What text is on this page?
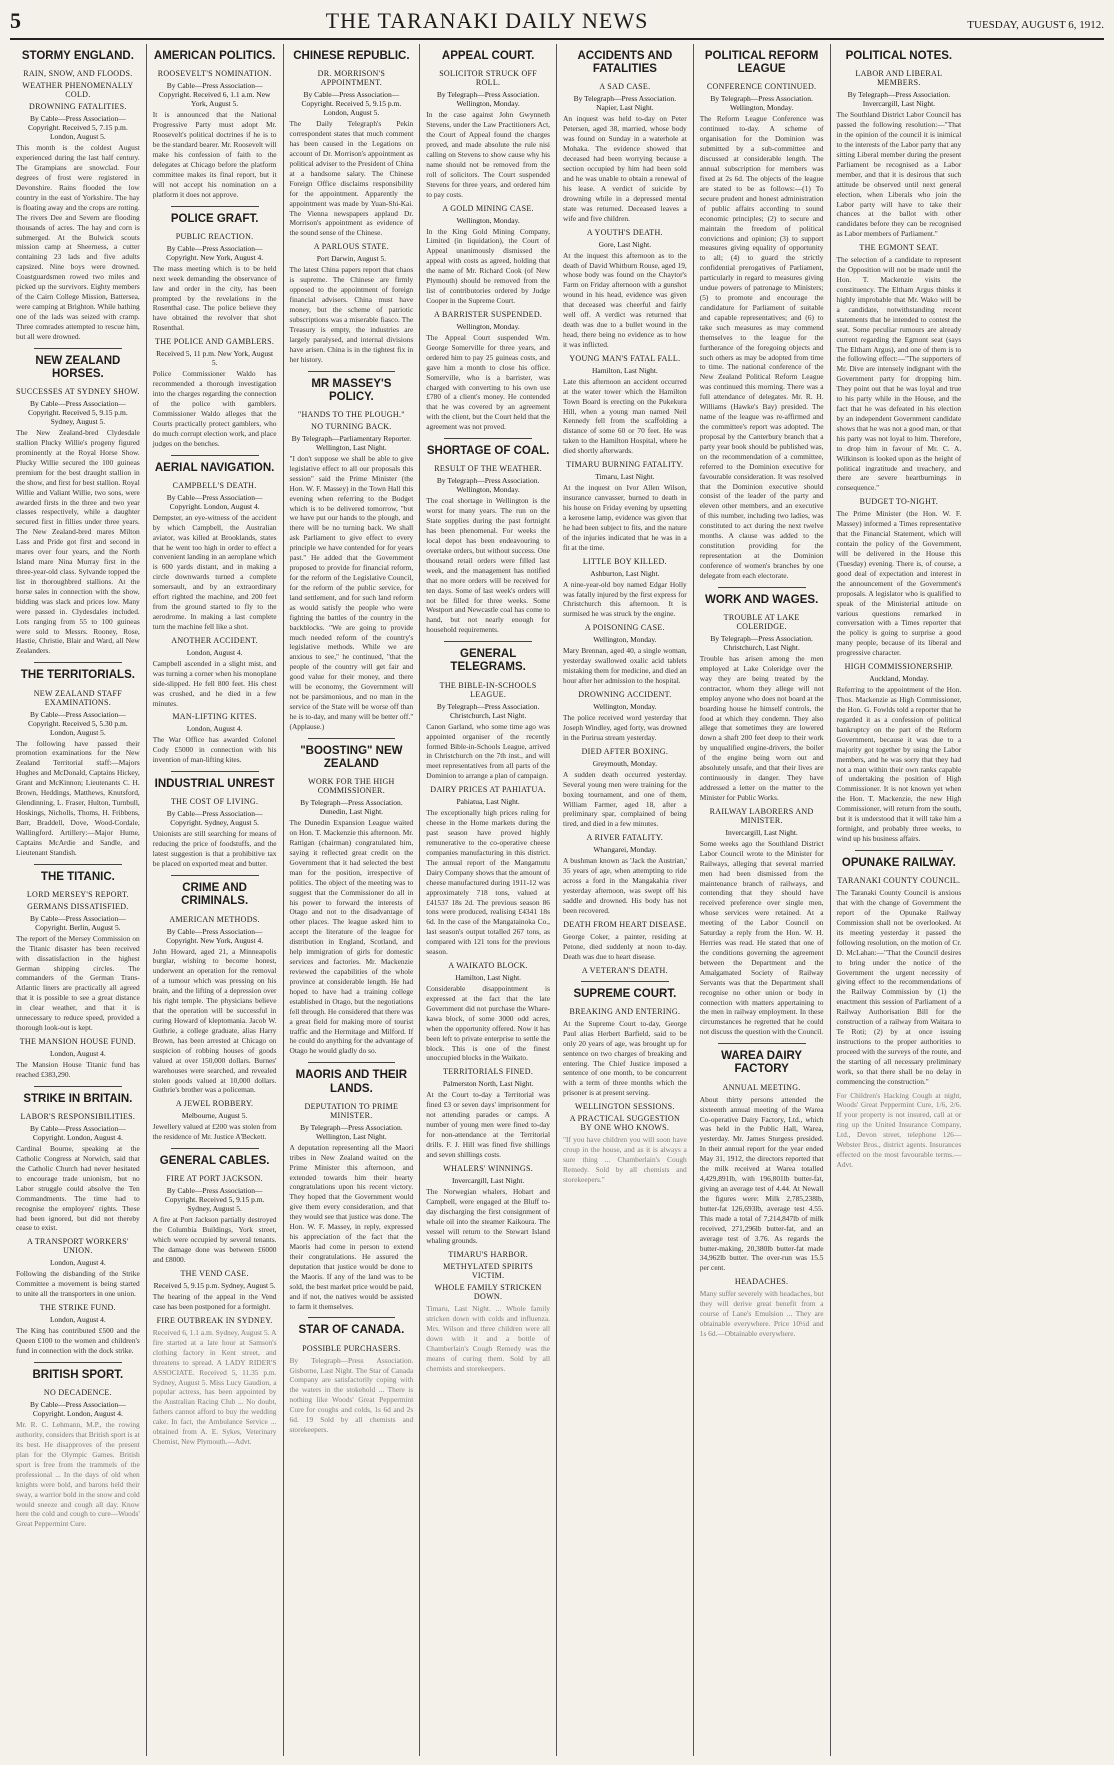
5	THE TARANAKI DAILY NEWS	TUESDAY, AUGUST 6, 1912.

STORMY ENGLAND.

RAIN, SNOW, AND FLOODS.

WEATHER PHENOMENALLY COLD.

DROWNING FATALITIES.

By Cable—Press Association—Copyright. Received 5, 7.15 p.m. London, August 5.

This month is the coldest August experienced during the last half century. The Grampians are snowclad. Four degrees of frost were registered in Devonshire. Rains flooded the low country in the east of Yorkshire. The hay is floating away and the crops are rotting. The rivers Dee and Severn are flooding thousands of acres. The hay and corn is submerged. At the Bulwick scouts mission camp at Sheerness, a cutter containing 23 lads and five adults capsized. Nine boys were drowned. Coastguardsmen rowed two miles and picked up the survivors. Eighty members of the Cairn College Mission, Battersea, were camping at Brighton. While bathing one of the lads was seized with cramp. Three comrades attempted to rescue him, but all were drowned.

NEW ZEALAND HORSES.

SUCCESSES AT SYDNEY SHOW.

By Cable—Press Association—Copyright. Received 5, 9.15 p.m. Sydney, August 5.

The New Zealand-bred Clydesdale stallion Plucky Willie's progeny figured prominently at the Royal Horse Show. Plucky Willie secured the 100 guineas premium for the best draught stallion in the show, and first for best stallion. Royal Willie and Valiant Willie, two sons, were awarded firsts in the three and two year classes respectively, while a daughter secured first in fillies under three years. The New Zealand-bred mares Milton Lass and Pride got first and second in mares over four years, and the North Island mare Nina Murray first in the three-year-old class. Sylvande topped the list in thoroughbred stallions. At the horse sales in connection with the show, bidding was slack and prices low. Many were passed in. Clydesdales included. Lots ranging from 55 to 100 guineas were sold to Messrs. Rooney, Rose, Hastie, Christie, Blair and Ward, all New Zealanders.

THE TERRITORIALS.

NEW ZEALAND STAFF EXAMINATIONS.

By Cable—Press Association—Copyright. Received 5, 5.30 p.m. London, August 5.

The following have passed their promotion examinations for the New Zealand Territorial staff:—Majors Hughes and McDonald, Captains Hickey, Grant and McKinnon; Lieutenants C. H. Brown, Heddings, Matthews, Knutsford, Glendinning, L. Fraser, Hulton, Turnbull, Hoskings, Nicholls, Thoms, H. Fribbens, Barr, Braddell, Dove, Wood-Cordale, Wallingford. Artillery:—Major Hume, Captains McArdie and Sandle, and Lieutenant Standish.

THE TITANIC.

LORD MERSEY'S REPORT.

GERMANS DISSATISFIED.

By Cable—Press Association—Copyright. Berlin, August 5.

The report of the Mersey Commission on the Titanic disaster has been received with dissatisfaction in the highest German shipping circles. The commanders of the German Trans-Atlantic liners are practically all agreed that it is possible to see a great distance in clear weather, and that it is unnecessary to reduce speed, provided a thorough look-out is kept.

THE MANSION HOUSE FUND.

London, August 4.

The Mansion House Titanic fund has reached £383,290.

STRIKE IN BRITAIN.

LABOR'S RESPONSIBILITIES.

By Cable—Press Association—Copyright. London, August 4.

Cardinal Bourne, speaking at the Catholic Congress at Norwich, said that the Catholic Church had never hesitated to encourage trade unionism, but no Labor struggle could absolve the Ten Commandments. The time had to recognise the employers' rights. These had been ignored, but did not thereby cease to exist.

A TRANSPORT WORKERS' UNION.

London, August 4.

Following the disbanding of the Strike Committee a movement is being started to unite all the transporters in one union.

THE STRIKE FUND.

London, August 4.

The King has contributed £500 and the Queen £100 to the women and children's fund in connection with the dock strike.

BRITISH SPORT.

NO DECADENCE.

By Cable—Press Association—Copyright. London, August 4.

Mr. R. C. Lehmann, M.P., the rowing authority, considers that British sport is at its best. He disapproves of the present plan for the Olympic Games. British sport is free from the trammels of the professional ... In the days of old when knights were bold, and barons held their sway, a warrior bold in the snow and cold would sneeze and cough all day. Know here the cold and cough to cure—Woods' Great Peppermint Cure.

AMERICAN POLITICS.

ROOSEVELT'S NOMINATION.

By Cable—Press Association—Copyright. Received 6, 1.1 a.m. New York, August 5.

It is announced that the National Progressive Party must adopt Mr. Roosevelt's political doctrines if he is to be the standard bearer. Mr. Roosevelt will make his confession of faith to the delegates at Chicago before the platform committee makes its final report, but it will not accept his nomination on a platform it does not approve.

POLICE GRAFT.

PUBLIC REACTION.

By Cable—Press Association—Copyright. New York, August 4.

The mass meeting which is to be held next week demanding the observance of law and order in the city, has been prompted by the revelations in the Rosenthal case. The police believe they have obtained the revolver that shot Rosenthal.

THE POLICE AND GAMBLERS.

Received 5, 11 p.m. New York, August 5.

Police Commissioner Waldo has recommended a thorough investigation into the charges regarding the connection of the police with gamblers. Commissioner Waldo alleges that the Courts practically protect gamblers, who do much corrupt election work, and place judges on the benches.

AERIAL NAVIGATION.

CAMPBELL'S DEATH.

By Cable—Press Association—Copyright. London, August 4.

Dempster, an eye-witness of the accident by which Campbell, the Australian aviator, was killed at Brooklands, states that he went too high in order to effect a convenient landing in an aeroplane which is 600 yards distant, and in making a circle downwards turned a complete somersault, and by an extraordinary effort righted the machine, and 200 feet from the ground started to fly to the aerodrome. In making a last complete turn the machine fell like a shot.

ANOTHER ACCIDENT.

London, August 4.

Campbell ascended in a slight mist, and was turning a corner when his monoplane side-slipped. He fell 800 feet. His chest was crushed, and he died in a few minutes.

MAN-LIFTING KITES.

London, August 4.

The War Office has awarded Colonel Cody £5000 in connection with his invention of man-lifting kites.

INDUSTRIAL UNREST

THE COST OF LIVING.

By Cable—Press Association—Copyright. Sydney, August 5.

Unionists are still searching for means of reducing the price of foodstuffs, and the latest suggestion is that a prohibitive tax be placed on exported meat and butter.

CRIME AND CRIMINALS.

AMERICAN METHODS.

By Cable—Press Association—Copyright. New York, August 4.

John Howard, aged 21, a Minneapolis burglar, wishing to become honest, underwent an operation for the removal of a tumour which was pressing on his brain, and the lifting of a depression over his right temple. The physicians believe that the operation will be successful in curing Howard of kleptomania. Jacob W. Guthrie, a college graduate, alias Harry Brown, has been arrested at Chicago on suspicion of robbing houses of goods valued at over 150,000 dollars. Burnes' warehouses were searched, and revealed stolen goods valued at 10,000 dollars. Guthrie's brother was a policeman.

A JEWEL ROBBERY.

Melbourne, August 5.

Jewellery valued at £200 was stolen from the residence of Mr. Justice A'Beckett.

GENERAL CABLES.

FIRE AT PORT JACKSON.

By Cable—Press Association—Copyright. Received 5, 9.15 p.m. Sydney, August 5.

A fire at Port Jackson partially destroyed the Columbia Buildings, York street, which were occupied by several tenants. The damage done was between £6000 and £8000.

THE VEND CASE.

Received 5, 9.15 p.m. Sydney, August 5.

The hearing of the appeal in the Vend case has been postponed for a fortnight.

FIRE OUTBREAK IN SYDNEY.

Received 6, 1.1 a.m. Sydney, August 5. A fire started at a late hour at Samson's clothing factory in Kent street, and threatens to spread. A LADY RIDER'S ASSOCIATE. Received 5, 11.35 p.m. Sydney, August 5. Miss Lucy Gaudion, a popular actress, has been appointed by the Australian Racing Club ... No doubt, fathers cannot afford to buy the wedding cake. In fact, the Ambulance Service ... obtained from A. E. Sykes, Veterinary Chemist, New Plymouth.—Advt.

CHINESE REPUBLIC.

DR. MORRISON'S APPOINTMENT.

By Cable—Press Association—Copyright. Received 5, 9.15 p.m. London, August 5.

The Daily Telegraph's Pekin correspondent states that much comment has been caused in the Legations on account of Dr. Morrison's appointment as political adviser to the President of China at a handsome salary. The Chinese Foreign Office disclaims responsibility for the appointment. Apparently the appointment was made by Yuan-Shi-Kai. The Vienna newspapers applaud Dr. Morrison's appointment as evidence of the sound sense of the Chinese.

A PARLOUS STATE.

Port Darwin, August 5.

The latest China papers report that chaos is supreme. The Chinese are firmly opposed to the appointment of foreign financial advisers. China must have money, but the scheme of patriotic subscriptions was a miserable fiasco. The Treasury is empty, the industries are largely paralysed, and internal divisions have arisen. China is in the tightest fix in her history.

MR MASSEY'S POLICY.

"HANDS TO THE PLOUGH."

NO TURNING BACK.

By Telegraph—Parliamentary Reporter. Wellington, Last Night.

"I don't suppose we shall be able to give legislative effect to all our proposals this session" said the Prime Minister (the Hon. W. F. Massey) in the Town Hall this evening when referring to the Budget which is to be delivered tomorrow, "but we have put our hands to the plough, and there will be no turning back. We shall ask Parliament to give effect to every principle we have contended for for years past." He added that the Government proposed to provide for financial reform, for the reform of the Legislative Council, for the reform of the public service, for land settlement, and for such land reform as would satisfy the people who were fighting the battles of the country in the backblocks. "We are going to provide much needed reform of the country's legislative methods. While we are anxious to see," he continued, "that the people of the country will get fair and good value for their money, and there will be economy, the Government will not be parsimonious, and no man in the service of the State will be worse off than he is to-day, and many will be better off." (Applause.)

"BOOSTING" NEW ZEALAND

WORK FOR THE HIGH COMMISSIONER.

By Telegraph—Press Association. Dunedin, Last Night.

The Dunedin Expansion League waited on Hon. T. Mackenzie this afternoon. Mr. Rattigan (chairman) congratulated him, saying it reflected great credit on the Government that it had selected the best man for the position, irrespective of politics. The object of the meeting was to suggest that the Commissioner do all in his power to forward the interests of Otago and not to the disadvantage of other places. The league asked him to accept the literature of the league for distribution in England, Scotland, and help immigration of girls for domestic services and factories. Mr. Mackenzie reviewed the capabilities of the whole province at considerable length. He had hoped to have had a training college established in Otago, but the negotiations fell through. He considered that there was a great field for making more of tourist traffic and the Hermitage and Milford. If he could do anything for the advantage of Otago he would gladly do so.

MAORIS AND THEIR LANDS.

DEPUTATION TO PRIME MINISTER.

By Telegraph—Press Association. Wellington, Last Night.

A deputation representing all the Maori tribes in New Zealand waited on the Prime Minister this afternoon, and extended towards him their hearty congratulations upon his recent victory. They hoped that the Government would give them every consideration, and that they would see that justice was done. The Hon. W. F. Massey, in reply, expressed his appreciation of the fact that the Maoris had come in person to extend their congratulations. He assured the deputation that justice would be done to the Maoris. If any of the land was to be sold, the best market price would be paid, and if not, the natives would be assisted to farm it themselves.

STAR OF CANADA.

POSSIBLE PURCHASERS.

By Telegraph—Press Association. Gisborne, Last Night. The Star of Canada Company are satisfactorily coping with the waters in the stokehold ... There is nothing like Woods' Great Peppermint Cure for coughs and colds, 1s 6d and 2s 6d. 19 Sold by all chemists and storekeepers.

APPEAL COURT.

SOLICITOR STRUCK OFF ROLL.

By Telegraph—Press Association. Wellington, Monday.

In the case against John Gwynneth Stevens, under the Law Practitioners Act, the Court of Appeal found the charges proved, and made absolute the rule nisi calling on Stevens to show cause why his name should not be removed from the roll of solicitors. The Court suspended Stevens for three years, and ordered him to pay costs.

A GOLD MINING CASE.

Wellington, Monday.

In the King Gold Mining Company, Limited (in liquidation), the Court of Appeal unanimously dismissed the appeal with costs as agreed, holding that the name of Mr. Richard Cook (of New Plymouth) should be removed from the list of contributories ordered by Judge Cooper in the Supreme Court.

A BARRISTER SUSPENDED.

Wellington, Monday.

The Appeal Court suspended Wm. George Somerville for three years, and ordered him to pay 25 guineas costs, and gave him a month to close his office. Somerville, who is a barrister, was charged with converting to his own use £780 of a client's money. He contended that he was covered by an agreement with the client, but the Court held that the agreement was not proved.

SHORTAGE OF COAL.

RESULT OF THE WEATHER.

By Telegraph—Press Association. Wellington, Monday.

The coal shortage in Wellington is the worst for many years. The run on the State supplies during the past fortnight has been phenomenal. For weeks the local depot has been endeavouring to overtake orders, but without success. One thousand retail orders were filled last week, and the management has notified that no more orders will be received for ten days. Some of last week's orders will not be filled for three weeks. Some Westport and Newcastle coal has come to hand, but not nearly enough for household requirements.

GENERAL TELEGRAMS.

THE BIBLE-IN-SCHOOLS LEAGUE.

By Telegraph—Press Association. Christchurch, Last Night.

Canon Garland, who some time ago was appointed organiser of the recently formed Bible-in-Schools League, arrived in Christchurch on the 7th inst., and will meet representatives from all parts of the Dominion to arrange a plan of campaign.

DAIRY PRICES AT PAHIATUA.

Pahiatua, Last Night.

The exceptionally high prices ruling for cheese in the Home markets during the past season have proved highly remunerative to the co-operative cheese companies manufacturing in this district. The annual report of the Mangamutu Dairy Company shows that the amount of cheese manufactured during 1911-12 was approximately 718 tons, valued at £41537 18s 2d. The previous season 86 tons were produced, realising £4341 18s 6d. In the case of the Mangatainoka Co., last season's output totalled 267 tons, as compared with 121 tons for the previous season.

A WAIKATO BLOCK.

Hamilton, Last Night.

Considerable disappointment is expressed at the fact that the late Government did not purchase the Whare-kawa block, of some 3000 odd acres, when the opportunity offered. Now it has been left to private enterprise to settle the block. This is one of the finest unoccupied blocks in the Waikato.

TERRITORIALS FINED.

Palmerston North, Last Night.

At the Court to-day a Territorial was fined £3 or seven days' imprisonment for not attending parades or camps. A number of young men were fined to-day for non-attendance at the Territorial drills. F. J. Hill was fined five shillings and seven shillings costs.

WHALERS' WINNINGS.

Invercargill, Last Night.

The Norwegian whalers, Hobart and Campbell, were engaged at the Bluff to-day discharging the first consignment of whale oil into the steamer Kaikoura. The vessel will return to the Stewart Island whaling grounds.

TIMARU'S HARBOR.

METHYLATED SPIRITS VICTIM.

WHOLE FAMILY STRICKEN DOWN.

Timaru, Last Night. ... Whole family stricken down with colds and influenza. Mrs. Wilson and three children were all down with it and a bottle of Chamberlain's Cough Remedy was the means of curing them. Sold by all chemists and storekeepers.

ACCIDENTS AND FATALITIES

A SAD CASE.

By Telegraph—Press Association. Napier, Last Night.

An inquest was held to-day on Peter Petersen, aged 38, married, whose body was found on Sunday in a waterhole at Mohaka. The evidence showed that deceased had been worrying because a section occupied by him had been sold and he was unable to obtain a renewal of his lease. A verdict of suicide by drowning while in a depressed mental state was returned. Deceased leaves a wife and five children.

A YOUTH'S DEATH.

Gore, Last Night.

At the inquest this afternoon as to the death of David Whitburn Rouse, aged 19, whose body was found on the Chaytor's Farm on Friday afternoon with a gunshot wound in his head, evidence was given that deceased was cheerful and fairly well off. A verdict was returned that death was due to a bullet wound in the head, there being no evidence as to how it was inflicted.

YOUNG MAN'S FATAL FALL.

Hamilton, Last Night.

Late this afternoon an accident occurred at the water tower which the Hamilton Town Board is erecting on the Pukekura Hill, when a young man named Neil Kennedy fell from the scaffolding a distance of some 60 or 70 feet. He was taken to the Hamilton Hospital, where he died shortly afterwards.

TIMARU BURNING FATALITY.

Timaru, Last Night.

At the inquest on Ivor Allen Wilson, insurance canvasser, burned to death in his house on Friday evening by upsetting a kerosene lamp, evidence was given that he had been subject to fits, and the nature of the injuries indicated that he was in a fit at the time.

LITTLE BOY KILLED.

Ashburton, Last Night.

A nine-year-old boy named Edgar Holly was fatally injured by the first express for Christchurch this afternoon. It is surmised he was struck by the engine.

A POISONING CASE.

Wellington, Monday.

Mary Brennan, aged 40, a single woman, yesterday swallowed oxalic acid tablets mistaking them for medicine, and died an hour after her admission to the hospital.

DROWNING ACCIDENT.

Wellington, Monday.

The police received word yesterday that Joseph Windley, aged forty, was drowned in the Porirua stream yesterday.

DIED AFTER BOXING.

Greymouth, Monday.

A sudden death occurred yesterday. Several young men were training for the boxing tournament, and one of them, William Farmer, aged 18, after a preliminary spar, complained of being tired, and died in a few minutes.

A RIVER FATALITY.

Whangarei, Monday.

A bushman known as 'Jack the Austrian,' 35 years of age, when attempting to ride across a ford in the Mangakahia river yesterday afternoon, was swept off his saddle and drowned. His body has not been recovered.

DEATH FROM HEART DISEASE.

George Coker, a painter, residing at Petone, died suddenly at noon to-day. Death was due to heart disease.

A VETERAN'S DEATH.

SUPREME COURT.

BREAKING AND ENTERING.

At the Supreme Court to-day, George Paul alias Herbert Barfield, said to be only 20 years of age, was brought up for sentence on two charges of breaking and entering. The Chief Justice imposed a sentence of one month, to be concurrent with a term of three months which the prisoner is at present serving.

WELLINGTON SESSIONS.

A PRACTICAL SUGGESTION BY ONE WHO KNOWS.

"If you have children you will soon have croup in the house, and as it is always a sure thing ... Chamberlain's Cough Remedy. Sold by all chemists and storekeepers."

POLITICAL REFORM LEAGUE

CONFERENCE CONTINUED.

By Telegraph—Press Association. Wellington, Monday.

The Reform League Conference was continued to-day. A scheme of organisation for the Dominion was submitted by a sub-committee and discussed at considerable length. The annual subscription for members was fixed at 2s 6d. The objects of the league are stated to be as follows:—(1) To secure prudent and honest administration of public affairs according to sound economic principles; (2) to secure and maintain the freedom of political convictions and opinion; (3) to support measures giving equality of opportunity to all; (4) to guard the strictly confidential prerogatives of Parliament, particularly in regard to measures giving undue powers of patronage to Ministers; (5) to promote and encourage the candidature for Parliament of suitable and capable representatives; and (6) to take such measures as may commend themselves to the league for the furtherance of the foregoing objects and such others as may be adopted from time to time. The national conference of the New Zealand Political Reform League was continued this morning. There was a full attendance of delegates. Mr. R. H. Williams (Hawke's Bay) presided. The name of the league was re-affirmed and the committee's report was adopted. The proposal by the Canterbury branch that a party year book should be published was, on the recommendation of a committee, referred to the Dominion executive for favourable consideration. It was resolved that the Dominion executive should consist of the leader of the party and eleven other members, and an executive of this number, including two ladies, was constituted to act during the next twelve months. A clause was added to the constitution providing for the representation at the Dominion conference of women's branches by one delegate from each electorate.

WORK AND WAGES.

TROUBLE AT LAKE COLERIDGE.

By Telegraph—Press Association. Christchurch, Last Night.

Trouble has arisen among the men employed at Lake Coleridge over the way they are being treated by the contractor, whom they allege will not employ anyone who does not board at the boarding house he himself controls, the food at which they condemn. They also allege that sometimes they are lowered down a shaft 200 feet deep to their work by unqualified engine-drivers, the boiler of the engine being worn out and absolutely unsafe, and that their lives are continuously in danger. They have addressed a letter on the matter to the Minister for Public Works.

RAILWAY LABORERS AND MINISTER.

Invercargill, Last Night.

Some weeks ago the Southland District Labor Council wrote to the Minister for Railways, alleging that several married men had been dismissed from the maintenance branch of railways, and contending that they should have received preference over single men, whose services were retained. At a meeting of the Labor Council on Saturday a reply from the Hon. W. H. Herries was read. He stated that one of the conditions governing the agreement between the Department and the Amalgamated Society of Railway Servants was that the Department shall recognise no other union or body in connection with matters appertaining to the men in railway employment. In these circumstances he regretted that he could not discuss the question with the Council.

WAREA DAIRY FACTORY

ANNUAL MEETING.

About thirty persons attended the sixteenth annual meeting of the Warea Co-operative Dairy Factory, Ltd., which was held in the Public Hall, Warea, yesterday. Mr. James Sturgess presided. In their annual report for the year ended May 31, 1912, the directors reported that the milk received at Warea totalled 4,429,891lb, with 196,801lb butter-fat, giving an average test of 4.44. At Newall the figures were: Milk 2,785,238lb, butter-fat 126,693lb, average test 4.55. This made a total of 7,214,847lb of milk received, 271,296lb butter-fat, and an average test of 3.76. As regards the butter-making, 20,380lb butter-fat made 34,962lb butter. The over-run was 15.5 per cent.

HEADACHES.

Many suffer severely with headaches, but they will derive great benefit from a course of Lane's Emulsion ... They are obtainable everywhere. Price 10½d and 1s 6d.—Obtainable everywhere.

POLITICAL NOTES.

LABOR AND LIBERAL MEMBERS.

By Telegraph—Press Association. Invercargill, Last Night.

The Southland District Labor Council has passed the following resolution:—"That in the opinion of the council it is inimical to the interests of the Labor party that any sitting Liberal member during the present Parliament be recognised as a Labor member, and that it is desirous that such attitude be observed until next general election, when Liberals who join the Labor party will have to take their chances at the ballot with other candidates before they can be recognised as Labor members of Parliament."

THE EGMONT SEAT.

The selection of a candidate to represent the Opposition will not be made until the Hon. T. Mackenzie visits the constituency. The Eltham Argus thinks it highly improbable that Mr. Wako will be a candidate, notwithstanding recent statements that he intended to contest the seat. Some peculiar rumours are already current regarding the Egmont seat (says The Eltham Argus), and one of them is to the following effect:—"The supporters of Mr. Dive are intensely indignant with the Government party for dropping him. They point out that he was loyal and true to his party while in the House, and the fact that he was defeated in his election by an independent Government candidate shows that he was not a good man, or that his party was not loyal to him. Therefore, to drop him in favour of Mr. C. A. Wilkinson is looked upon as the height of political ingratitude and treachery, and there are severe heartburnings in consequence."

BUDGET TO-NIGHT.

The Prime Minister (the Hon. W. F. Massey) informed a Times representative that the Financial Statement, which will contain the policy of the Government, will be delivered in the House this (Tuesday) evening. There is, of course, a good deal of expectation and interest in the announcement of the Government's proposals. A legislator who is qualified to speak of the Ministerial attitude on various questions remarked in conversation with a Times reporter that the policy is going to surprise a good many people, because of its liberal and progressive character.

HIGH COMMISSIONERSHIP.

Auckland, Monday.

Referring to the appointment of the Hon. Thos. Mackenzie as High Commissioner, the Hon. G. Fowlds told a reporter that he regarded it as a confession of political bankruptcy on the part of the Reform Government, because it was due to a majority got together by using the Labor members, and he was sorry that they had not a man within their own ranks capable of undertaking the position of High Commissioner. It is not known yet when the Hon. T. Mackenzie, the new High Commissioner, will return from the south, but it is understood that it will take him a fortnight, and probably three weeks, to wind up his business affairs.

OPUNAKE RAILWAY.

TARANAKI COUNTY COUNCIL.

The Taranaki County Council is anxious that with the change of Government the report of the Opunake Railway Commission shall not be overlooked. At its meeting yesterday it passed the following resolution, on the motion of Cr. D. McLahan:—"That the Council desires to bring under the notice of the Government the urgent necessity of giving effect to the recommendations of the Railway Commission by (1) the enactment this session of Parliament of a Railway Authorisation Bill for the construction of a railway from Waitara to Te Roti; (2) by at once issuing instructions to the proper authorities to proceed with the surveys of the route, and the starting of all necessary preliminary work, so that there shall be no delay in commencing the construction."

For Children's Hacking Cough at night, Woods' Great Peppermint Cure, 1/6, 2/6. If your property is not insured, call at or ring up the United Insurance Company, Ltd., Devon street, telephone 126—Webster Bros., district agents. Insurances effected on the most favourable terms.—Advt.
